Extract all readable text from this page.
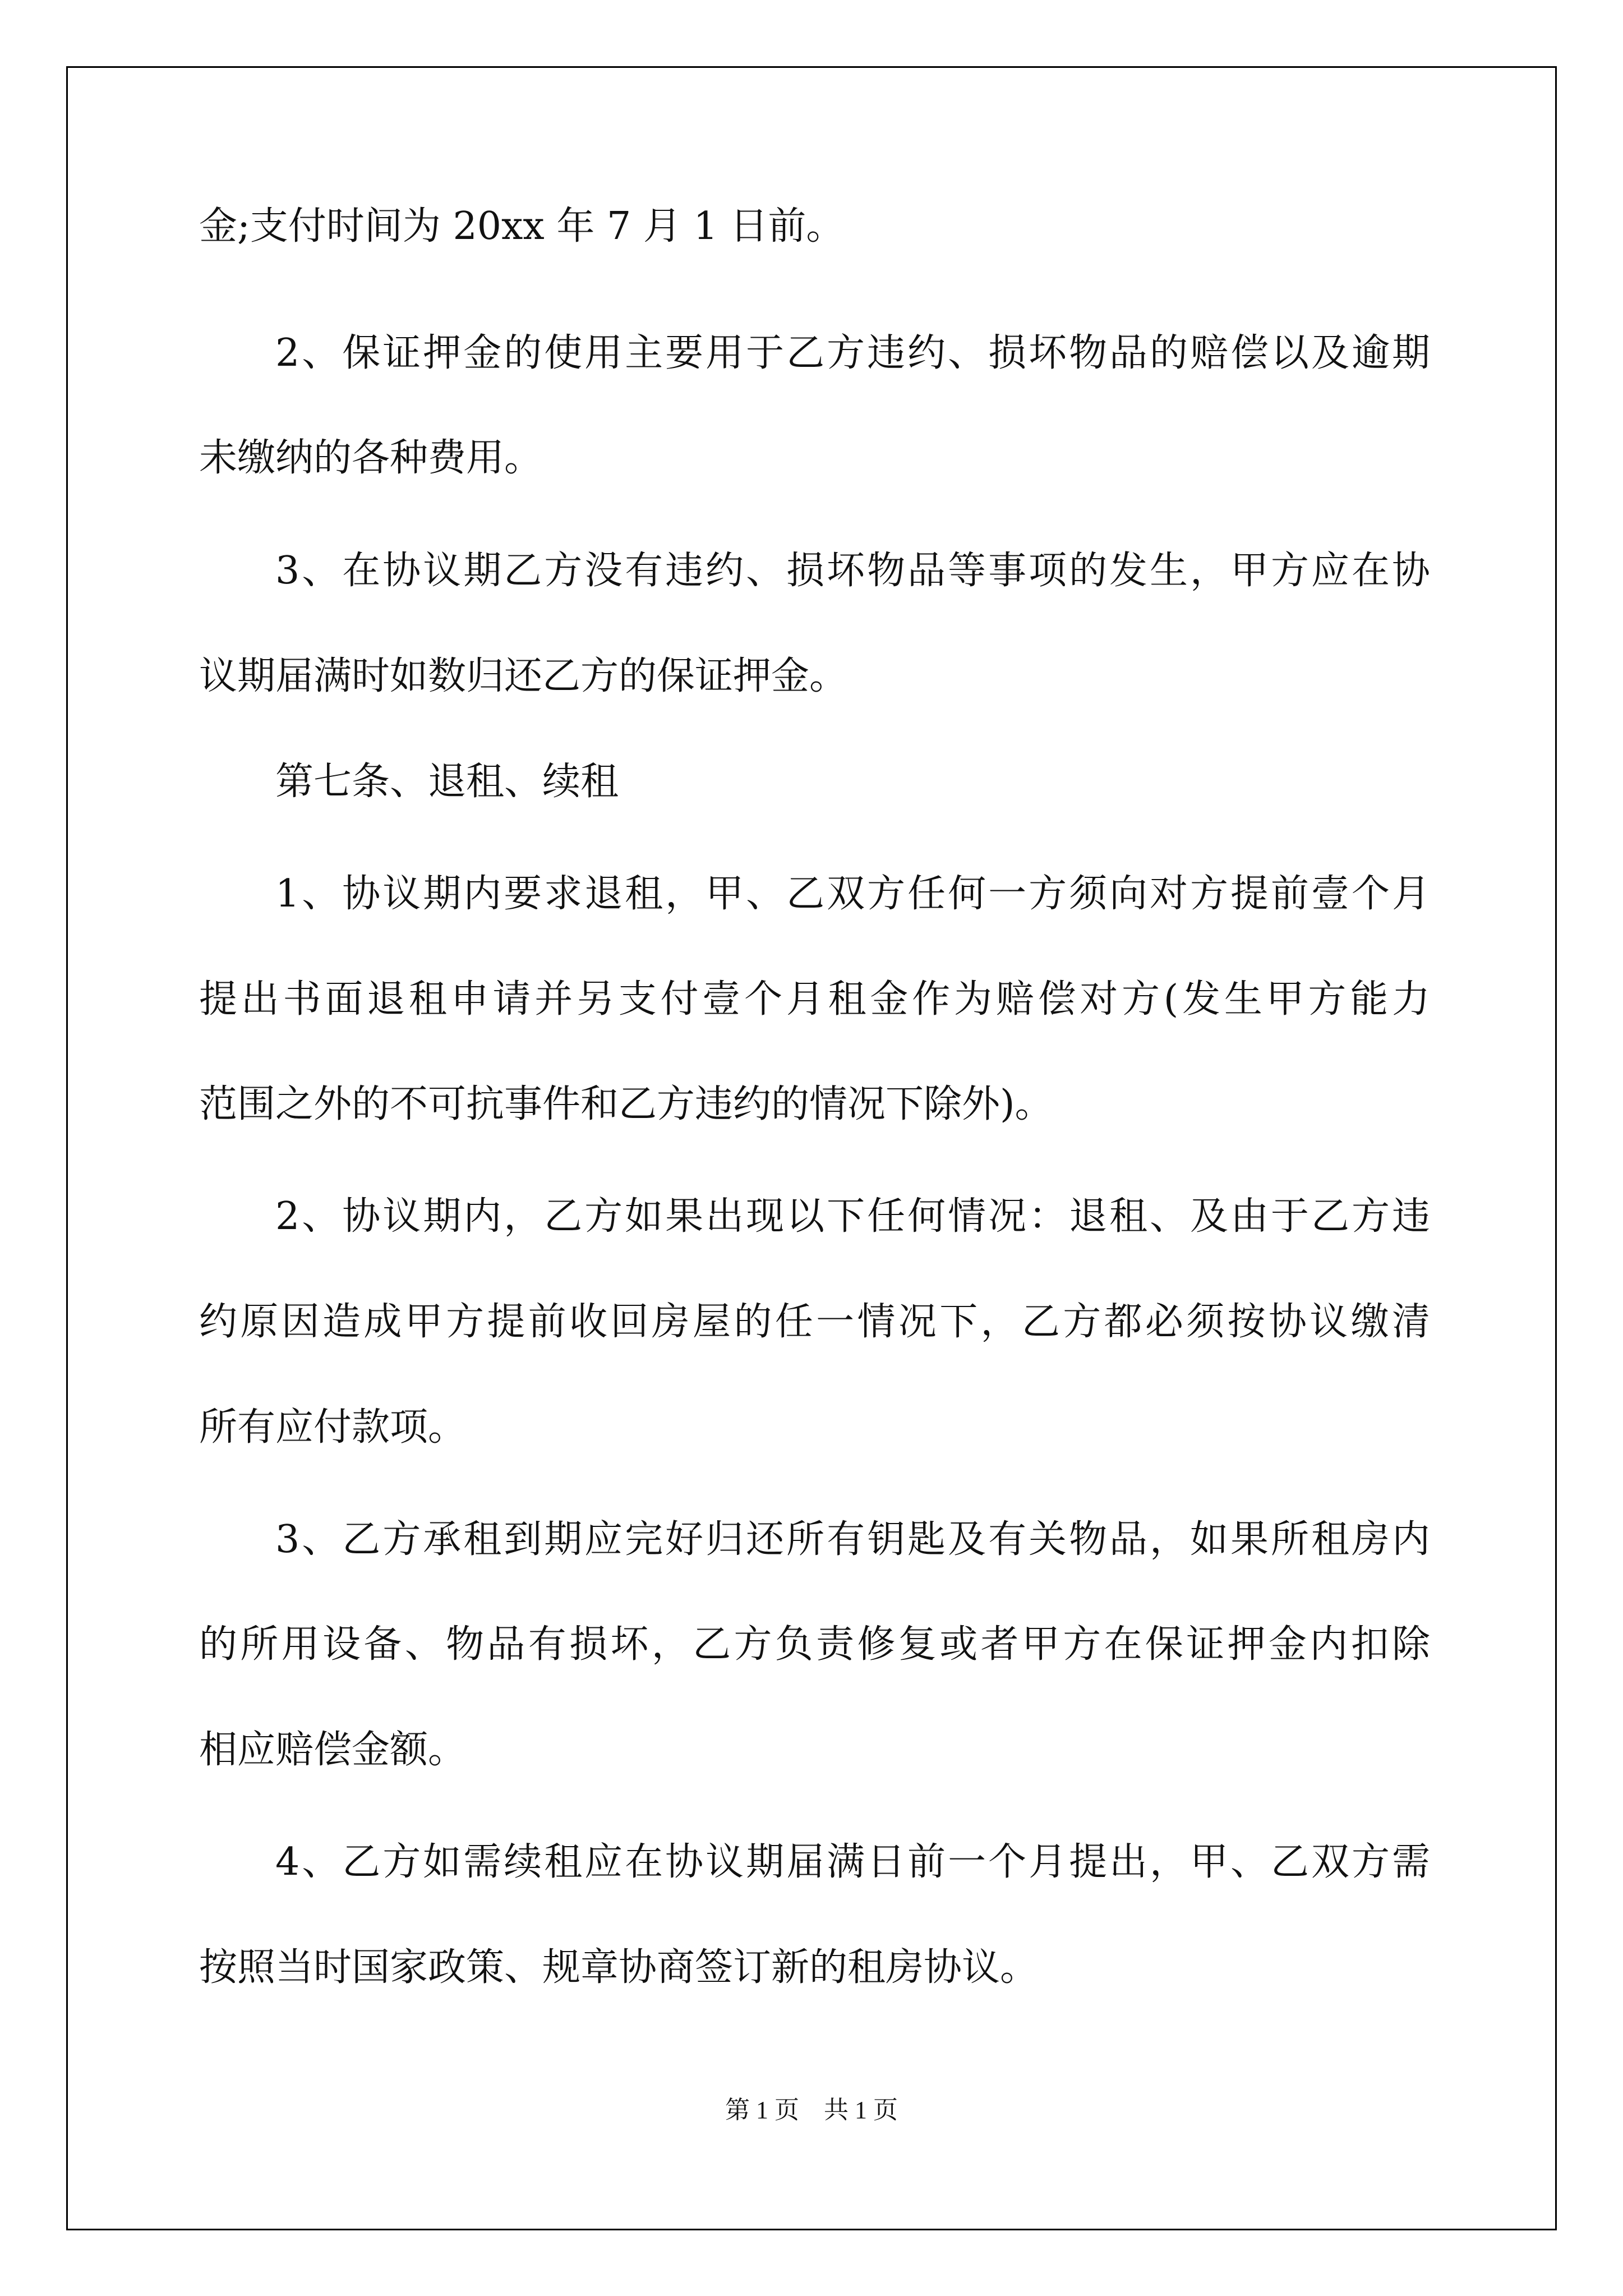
金;支付时间为 20xx 年 7 月 1 日前。
2、保证押金的使用主要用于乙方违约、损坏物品的赔偿以及逾期
未缴纳的各种费用。
3、在协议期乙方没有违约、损坏物品等事项的发生，甲方应在协
议期届满时如数归还乙方的保证押金。
第七条、退租、续租
1、协议期内要求退租，甲、乙双方任何一方须向对方提前壹个月
提出书面退租申请并另支付壹个月租金作为赔偿对方(发生甲方能力
范围之外的不可抗事件和乙方违约的情况下除外)。
2、协议期内，乙方如果出现以下任何情况：退租、及由于乙方违
约原因造成甲方提前收回房屋的任一情况下，乙方都必须按协议缴清
所有应付款项。
3、乙方承租到期应完好归还所有钥匙及有关物品，如果所租房内
的所用设备、物品有损坏，乙方负责修复或者甲方在保证押金内扣除
相应赔偿金额。
4、乙方如需续租应在协议期届满日前一个月提出，甲、乙双方需
按照当时国家政策、规章协商签订新的租房协议。
第 1 页　共 1 页
